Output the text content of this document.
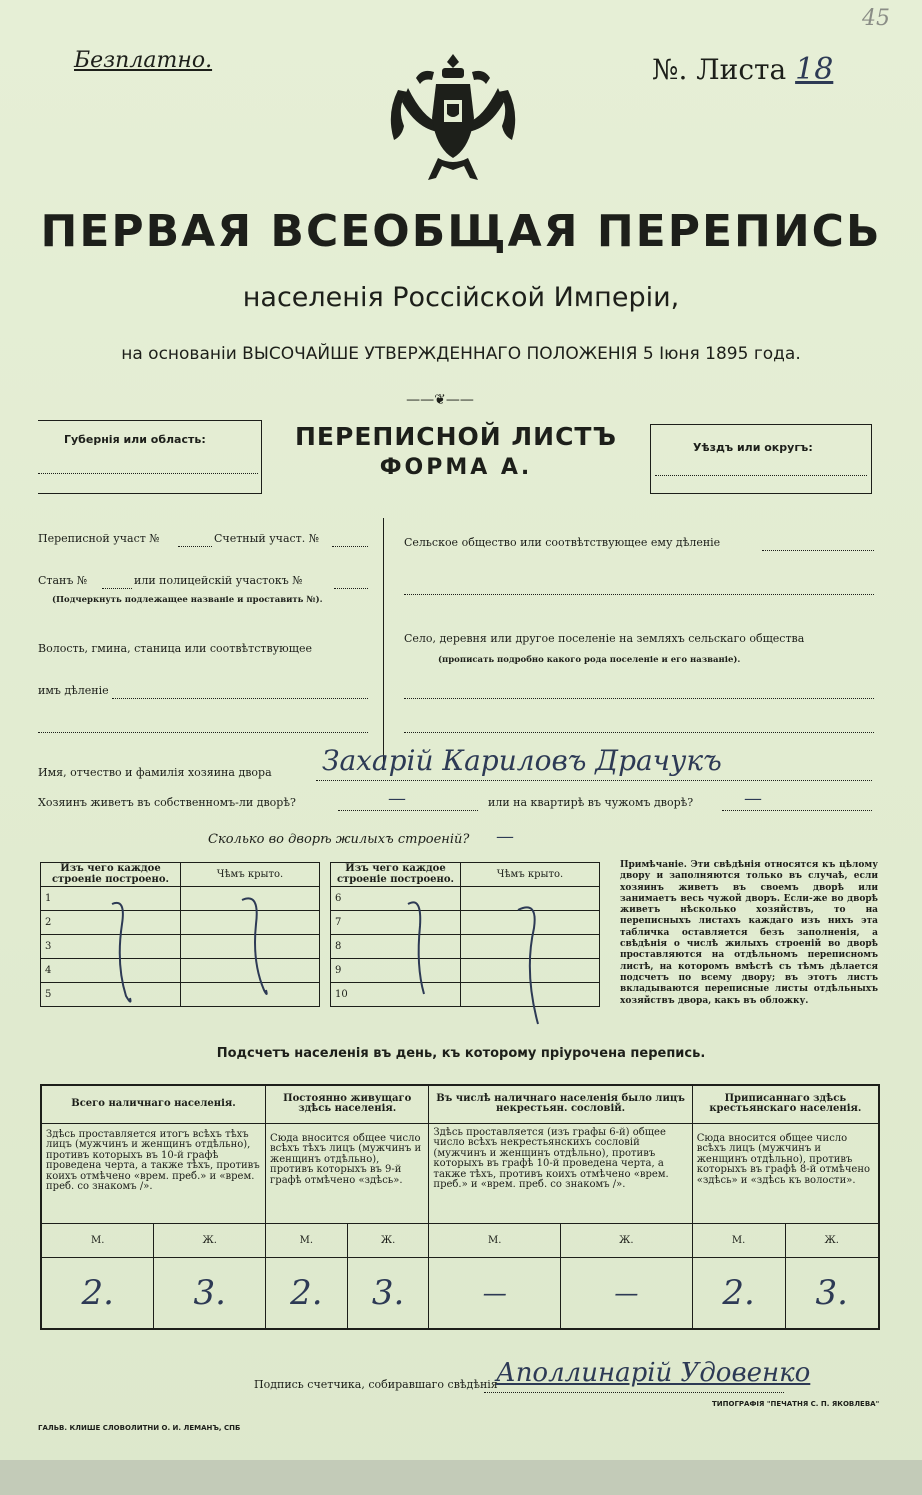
Безплатно.
45
№. Листа 18
ПЕРВАЯ ВСЕОБЩАЯ ПЕРЕПИСЬ
населенія Россійской Имперіи,
на основаніи ВЫСОЧАЙШЕ УТВЕРЖДЕННАГО ПОЛОЖЕНІЯ 5 Іюня 1895 года.
——❦——
Губернія или область:	ПЕРЕПИСНОЙ ЛИСТЪ
ФОРМА А.
Уѣздъ или округъ:
Переписной участ №	Счетный участ. №
Станъ №	или полицейскій участокъ №
(Подчеркнуть подлежащее названіе и проставить №).
Волость, гмина, станица или соотвѣтствующее
имъ дѣленіе
Сельское общество или соотвѣтствующее ему дѣленіе
Село, деревня или другое поселеніе на земляхъ сельскаго общества
(прописать подробно какого рода поселеніе и его названіе).
Имя, отчество и фамилія хозяина двора Захарій Кариловъ Драчукъ
Хозяинъ живетъ въ собственномъ-ли дворѣ?	—	или на квартирѣ въ чужомъ дворѣ?	—
Сколько во дворѣ жилыхъ строеній? —
Изъ чего каждое строеніе построено.	Чѣмъ крыто.
1	
2	
3	
4	
5	
Изъ чего каждое строеніе построено.	Чѣмъ крыто.
6	
7	
8	
9	
10	
Примѣчаніе. Эти свѣдѣнія относятся къ цѣлому двору и заполняются только въ случаѣ, если хозяинъ живетъ въ своемъ дворѣ или занимаетъ весь чужой дворъ. Если-же во дворѣ живетъ нѣсколько хозяйствъ, то на переписныхъ листахъ каждаго изъ нихъ эта табличка оставляется безъ заполненія, а свѣдѣнія о числѣ жилыхъ строеній во дворѣ проставляются на отдѣльномъ переписномъ листѣ, на которомъ вмѣстѣ съ тѣмъ дѣлается подсчетъ по всему двору; въ этотъ листъ вкладываются переписные листы отдѣльныхъ хозяйствъ двора, какъ въ обложку.
Подсчетъ населенія въ день, къ которому пріурочена перепись.
Всего наличнаго населенія.		Постоянно живущаго здѣсь населенія.		Въ числѣ наличнаго населенія было лицъ некрестьян. сословій.		Приписаннаго здѣсь крестьянскаго населенія.	
Здѣсь проставляется итогъ всѣхъ тѣхъ лицъ (мужчинъ и женщинъ отдѣльно), противъ которыхъ въ 10-й графѣ проведена черта, а также тѣхъ, противъ коихъ отмѣчено «врем. преб.» и «врем. преб. со знакомъ /».		Сюда вносится общее число всѣхъ тѣхъ лицъ (мужчинъ и женщинъ отдѣльно), противъ которыхъ въ 9-й графѣ отмѣчено «здѣсь».		Здѣсь проставляется (изъ графы 6-й) общее число всѣхъ некрестьянскихъ сословій (мужчинъ и женщинъ отдѣльно), противъ которыхъ въ графѣ 10-й проведена черта, а также тѣхъ, противъ коихъ отмѣчено «врем. преб.» и «врем. преб. со знакомъ /».		Сюда вносится общее число всѣхъ лицъ (мужчинъ и женщинъ отдѣльно), противъ которыхъ въ графѣ 8-й отмѣчено «здѣсь» и «здѣсь къ волости».	
М.	Ж.	М.	Ж.	М.	Ж.	М.	Ж.
2.	3.	2.	3.	—	—	2.	3.
Подпись счетчика, собиравшаго свѣдѣнія
Аполлинарій Удовенко
ГАЛЬВ. КЛИШЕ СЛОВОЛИТНИ О. И. ЛЕМАНЪ, СПБ
ТИПОГРАФІЯ "ПЕЧАТНЯ С. П. ЯКОВЛЕВА"
